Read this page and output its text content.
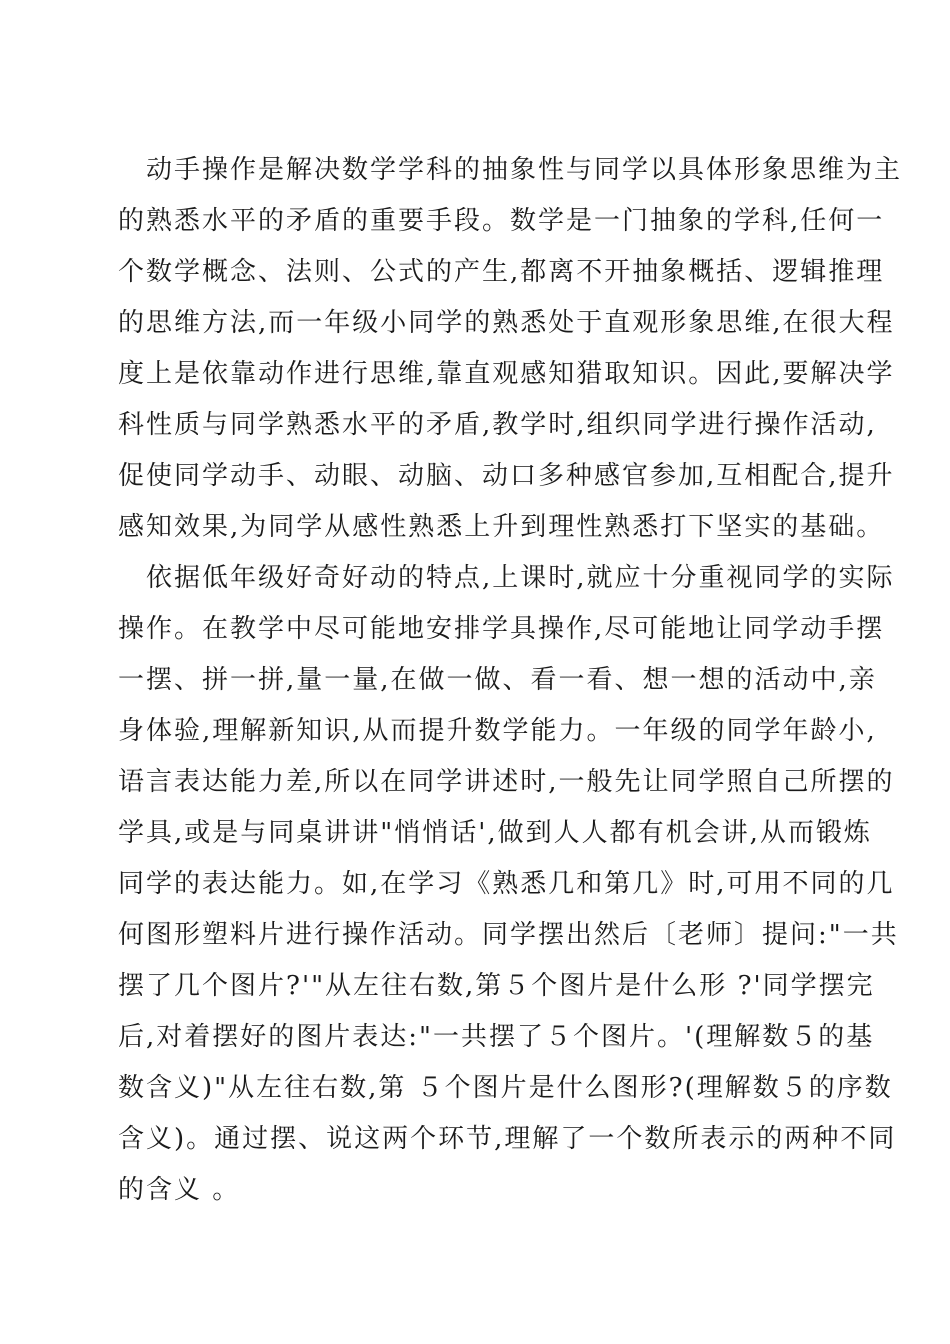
　动手操作是解决数学学科的抽象性与同学以具体形象思维为主
的熟悉水平的矛盾的重要手段。数学是一门抽象的学科,任何一
个数学概念、法则、公式的产生,都离不开抽象概括、逻辑推理
的思维方法,而一年级小同学的熟悉处于直观形象思维,在很大程
度上是依靠动作进行思维,靠直观感知猎取知识。因此,要解决学
科性质与同学熟悉水平的矛盾,教学时,组织同学进行操作活动,
促使同学动手、动眼、动脑、动口多种感官参加,互相配合,提升
感知效果,为同学从感性熟悉上升到理性熟悉打下坚实的基础。

　依据低年级好奇好动的特点,上课时,就应十分重视同学的实际
操作。在教学中尽可能地安排学具操作,尽可能地让同学动手摆
一摆、拼一拼,量一量,在做一做、看一看、想一想的活动中,亲
身体验,理解新知识,从而提升数学能力。一年级的同学年龄小,
语言表达能力差,所以在同学讲述时,一般先让同学照自己所摆的
学具,或是与同桌讲讲"悄悄话',做到人人都有机会讲,从而锻炼
同学的表达能力。如,在学习《熟悉几和第几》时,可用不同的几
何图形塑料片进行操作活动。同学摆出然后〔老师〕提问:"一共
摆了几个图片?'"从左往右数,第５个图片是什么形 ?'同学摆完
后,对着摆好的图片表达:"一共摆了５个图片。'(理解数５的基
数含义)"从左往右数,第 ５个图片是什么图形?(理解数５的序数
含义)。通过摆、说这两个环节,理解了一个数所表示的两种不同
的含义 。
